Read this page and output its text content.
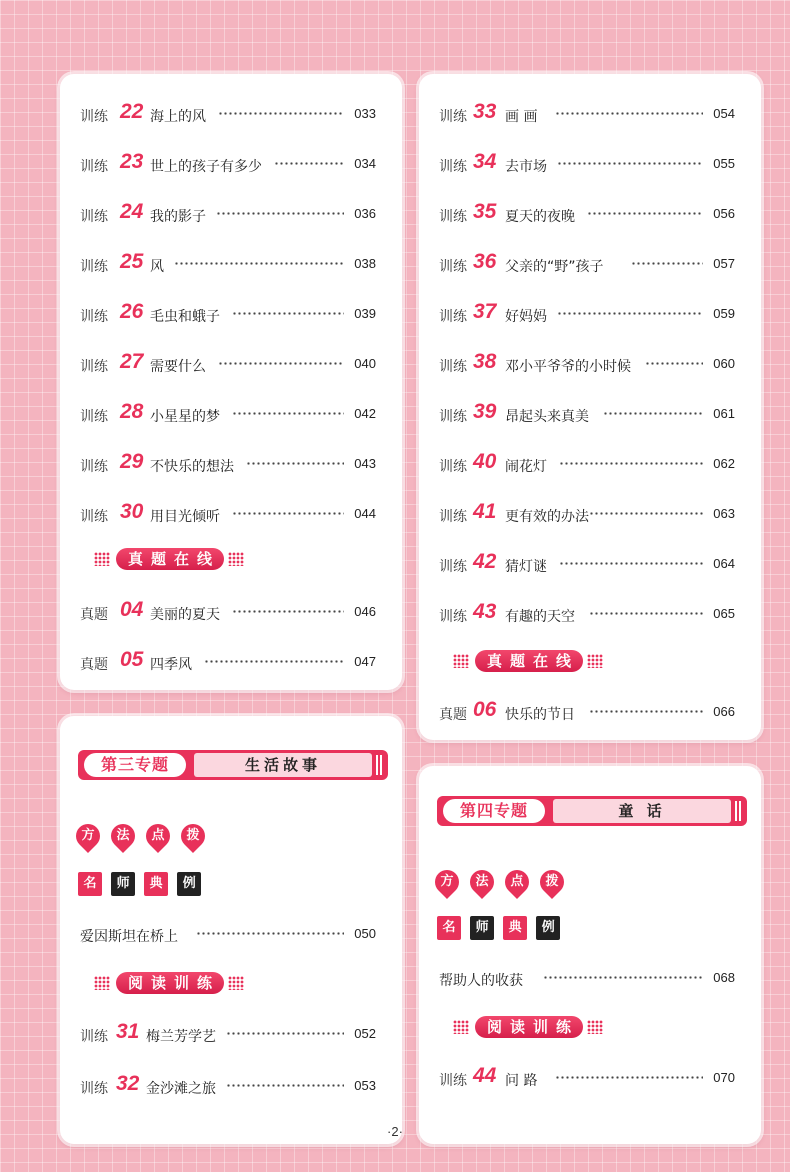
训练 22 海上的风	033
训练 23 世上的孩子有多少	034
训练 24 我的影子	036
训练 25 风	038
训练 26 毛虫和蛾子	039
训练 27 需要什么	040
训练 28 小星星的梦	042
训练 29 不快乐的想法	043
训练 30 用目光倾听	044
真题在线
真题 04 美丽的夏天	046
真题 05 四季风	047
训练 33 画 画	054
训练 34 去市场	055
训练 35 夏天的夜晚	056
训练 36 父亲的“野”孩子	057
训练 37 好妈妈	059
训练 38 邓小平爷爷的小时候	060
训练 39 昂起头来真美	061
训练 40 闹花灯	062
训练 41 更有效的办法	063
训练 42 猜灯谜	064
训练 43 有趣的天空	065
真题在线
真题 06 快乐的节日	066
第三专题	生活故事
方
	法
	点
	拨
名 师 典 例
爱因斯坦在桥上	050
阅读训练
训练 31 梅兰芳学艺	052
训练 32 金沙滩之旅	053
第四专题	童 话
方
	法
	点
	拨
名 师 典 例
帮助人的收获	068
阅读训练
训练 44 问 路	070
·2·
